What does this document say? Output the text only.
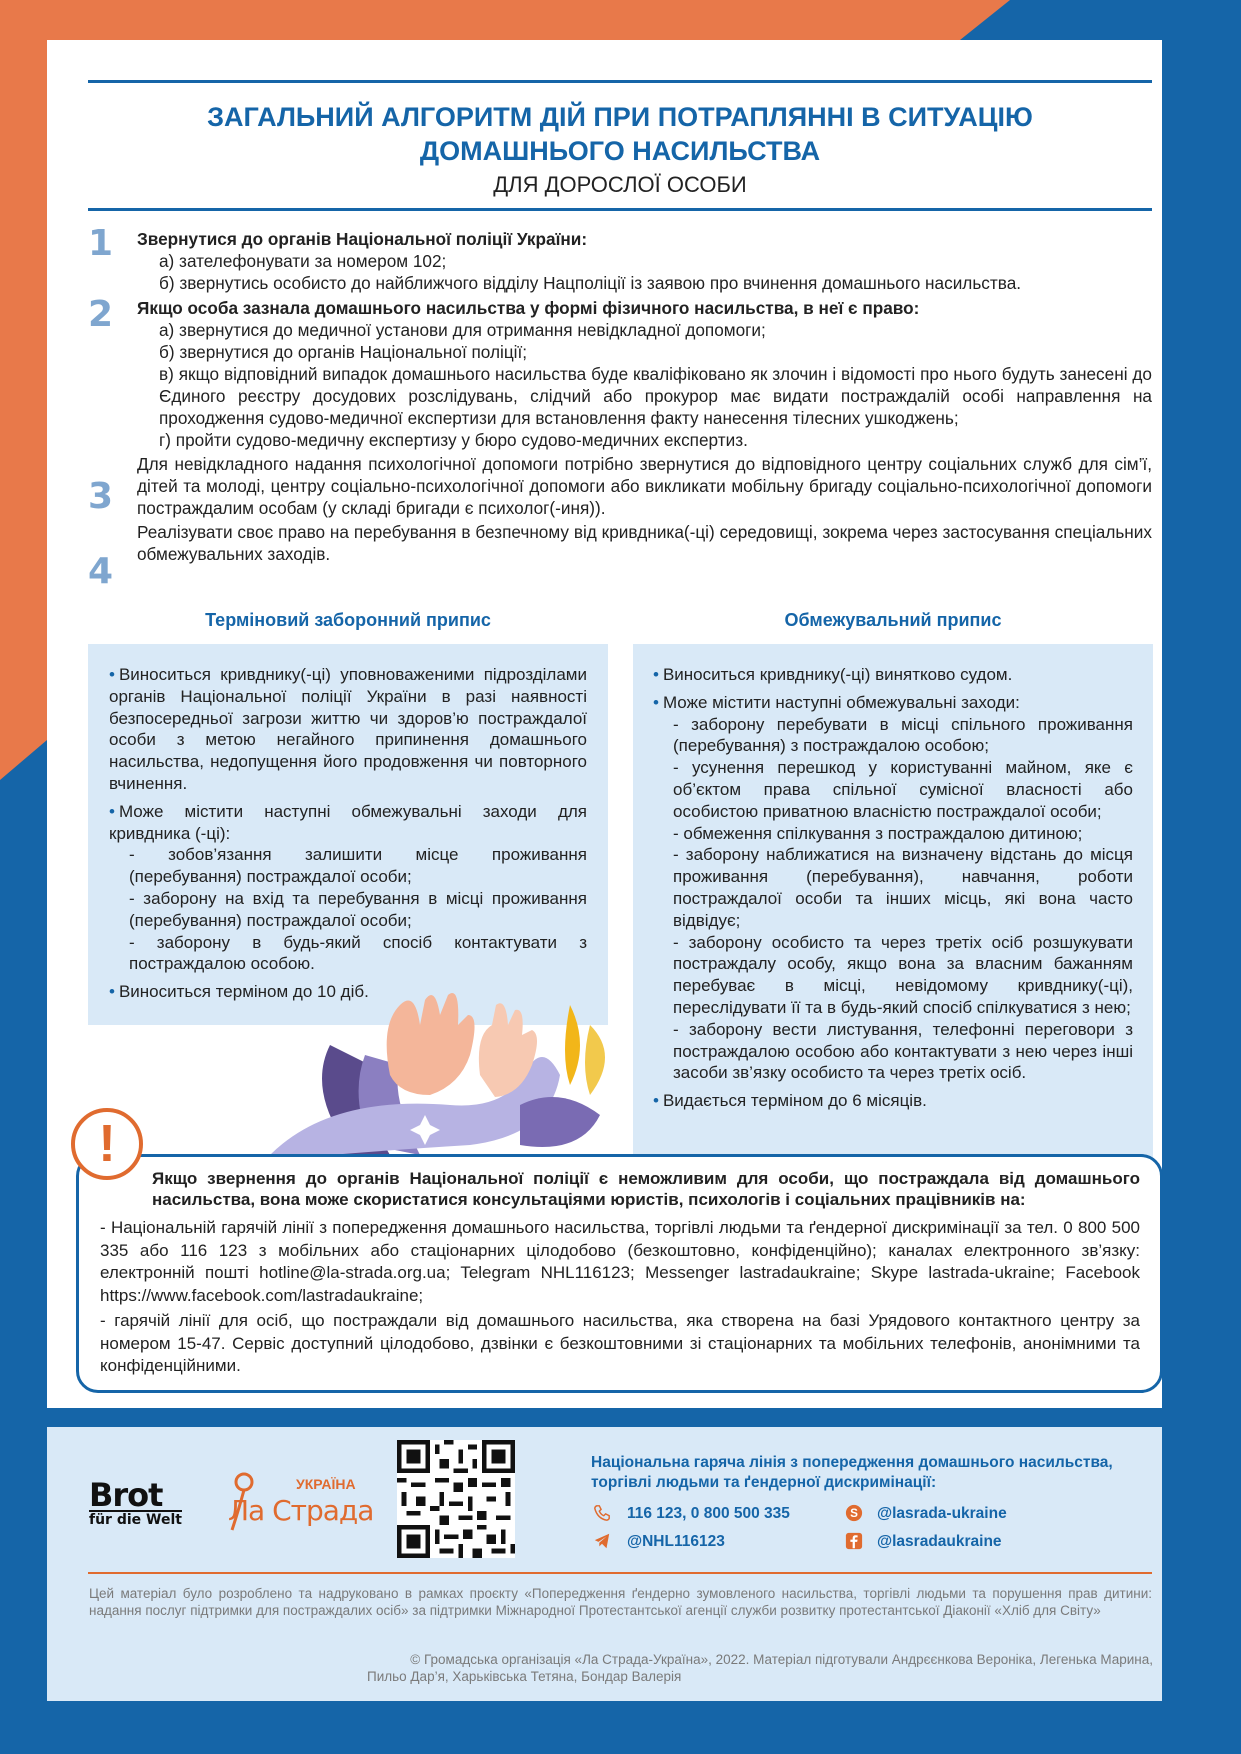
ЗАГАЛЬНИЙ АЛГОРИТМ ДІЙ ПРИ ПОТРАПЛЯННІ В СИТУАЦІЮ
ДОМАШНЬОГО НАСИЛЬСТВА
ДЛЯ ДОРОСЛОЇ ОСОБИ
1
2
3
4

Звернутися до органів Національної поліції України:

а) зателефонувати за номером 102;

б) звернутись особисто до найближчого відділу Нацполіції із заявою про вчинення домашнього насильства.

Якщо особа зазнала домашнього насильства у формі фізичного насильства, в неї є право:

а) звернутися до медичної установи для отримання невідкладної допомоги;

б) звернутися до органів Національної поліції;

в) якщо відповідний випадок домашнього насильства буде кваліфіковано як злочин і відомості про нього будуть занесені до Єдиного реєстру досудових розслідувань, слідчий або прокурор має видати постраждалій особі направлення на проходження судово-медичної експертизи для встановлення факту нанесення тілесних ушкоджень;

г) пройти судово-медичну експертизу у бюро судово-медичних експертиз.

Для невідкладного надання психологічної допомоги потрібно звернутися до відповідного центру соціальних служб для сім’ї, дітей та молоді, центру соціально-психологічної допомоги або викликати мобільну бригаду соціально-психологічної допомоги постраждалим особам (у складі бригади є психолог(-иня)).

Реалізувати своє право на перебування в безпечному від кривдника(-ці) середовищі, зокрема через застосування спеціальних обмежувальних заходів.

Терміновий заборонний припис	Обмежувальний припис

• Виноситься кривднику(-ці) уповноваженими підрозділами органів Національної поліції України в разі наявності безпосередньої загрози життю чи здоров’ю постраждалої особи з метою негайного припинення домашнього насильства, недопущення його продовження чи повторного вчинення.

• Може містити наступні обмежувальні заходи для кривдника (-ці):

- зобов’язання залишити місце проживання (перебування) постраждалої особи;

- заборону на вхід та перебування в місці проживання (перебування) постраждалої особи;

- заборону в будь-який спосіб контактувати з постраждалою особою.

• Виноситься терміном до 10 діб.

• Виноситься кривднику(-ці) винятково судом.

• Може містити наступні обмежувальні заходи:

- заборону перебувати в місці спільного проживання (перебування) з постраждалою особою;

- усунення перешкод у користуванні майном, яке є об’єктом права спільної сумісної власності або особистою приватною власністю постраждалої особи;

- обмеження спілкування з постраждалою дитиною;

- заборону наближатися на визначену відстань до місця проживання (перебування), навчання, роботи постраждалої особи та інших місць, які вона часто відвідує;

- заборону особисто та через третіх осіб розшукувати постраждалу особу, якщо вона за власним бажанням перебуває в місці, невідомому кривднику(-ці), переслідувати її та в будь-який спосіб спілкуватися з нею;

- заборону вести листування, телефонні переговори з постраждалою особою або контактувати з нею через інші засоби зв’язку особисто та через третіх осіб.

• Видається терміном до 6 місяців.

!
Якщо звернення до органів Національної поліції є неможливим для особи, що постраждала від домашнього насильства, вона може скористатися консультаціями юристів, психологів і соціальних працівників на:

- Національній гарячій лінії з попередження домашнього насильства, торгівлі людьми та ґендерної дискримінації за тел. 0 800 500 335 або 116 123 з мобільних або стаціонарних цілодобово (безкоштовно, конфіденційно); каналах електронного зв’язку: електронній пошті hotline@la-strada.org.ua; Telegram NHL116123; Messenger lastradaukraine; Skype lastrada-ukraine; Facebook https://www.facebook.com/lastradaukraine;

- гарячій лінії для осіб, що постраждали від домашнього насильства, яка створена на базі Урядового контактного центру за номером 15-47. Сервіс доступний цілодобово, дзвінки є безкоштовними зі стаціонарних та мобільних телефонів, анонімними та конфіденційними.

Brot
für die Welt
УКРАЇНА
Ла Страда
Національна гаряча лінія з попередження домашнього насильства, торгівлі людьми та ґендерної дискримінації:
116 123, 0 800 500 335
@NHL116123
S @lasrada-ukraine
@lasradaukraine
Цей матеріал було розроблено та надруковано в рамках проєкту «Попередження ґендерно зумовленого насильства, торгівлі людьми та порушення прав дитини: надання послуг підтримки для постраждалих осіб» за підтримки Міжнародної Протестантської агенції служби розвитку протестантської Діаконії «Хліб для Світу»
© Громадська організація «Ла Страда-Україна», 2022. Матеріал підготували Андрєєнкова Вероніка, Легенька Марина,
Пильо Дар’я, Харьківська Тетяна, Бондар Валерія
